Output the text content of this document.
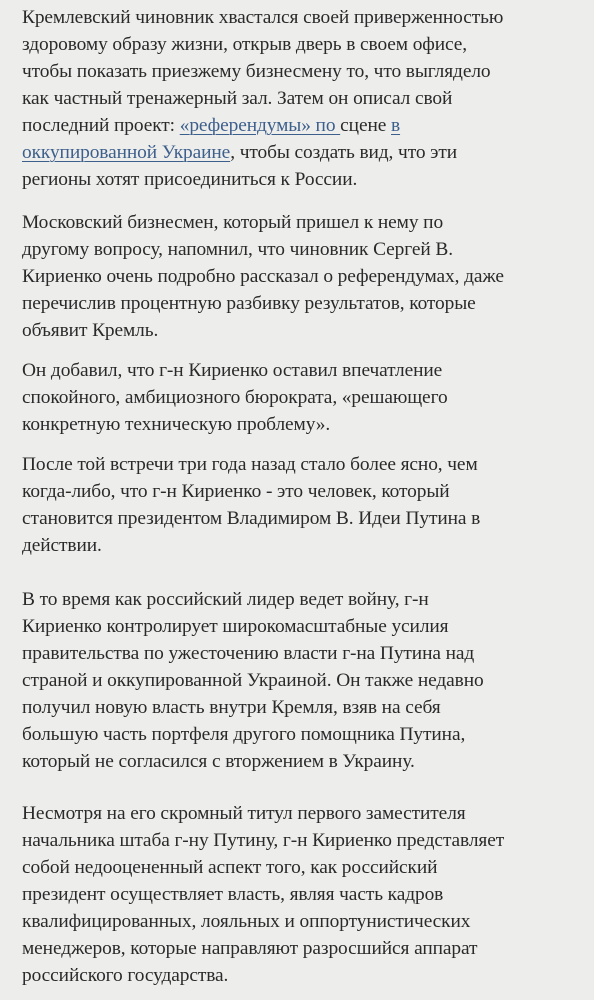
Кремлевский чиновник хвастался своей приверженностью
здоровому образу жизни, открыв дверь в своем офисе,
чтобы показать приезжему бизнесмену то, что выглядело
как частный тренажерный зал. Затем он описал свой
последний проект: «референдумы» по сцене в
оккупированной Украине, чтобы создать вид, что эти
регионы хотят присоединиться к России.
Московский бизнесмен, который пришел к нему по
другому вопросу, напомнил, что чиновник Сергей В.
Кириенко очень подробно рассказал о референдумах, даже
перечислив процентную разбивку результатов, которые
объявит Кремль.
Он добавил, что г-н Кириенко оставил впечатление
спокойного, амбициозного бюрократа, «решающего
конкретную техническую проблему».
После той встречи три года назад стало более ясно, чем
когда-либо, что г-н Кириенко - это человек, который
становится президентом Владимиром В. Идеи Путина в
действии.
В то время как российский лидер ведет войну, г-н
Кириенко контролирует широкомасштабные усилия
правительства по ужесточению власти г-на Путина над
страной и оккупированной Украиной. Он также недавно
получил новую власть внутри Кремля, взяв на себя
большую часть портфеля другого помощника Путина,
который не согласился с вторжением в Украину.
Несмотря на его скромный титул первого заместителя
начальника штаба г-ну Путину, г-н Кириенко представляет
собой недооцененный аспект того, как российский
президент осуществляет власть, являя часть кадров
квалифицированных, лояльных и оппортунистических
менеджеров, которые направляют разросшийся аппарат
российского государства.
